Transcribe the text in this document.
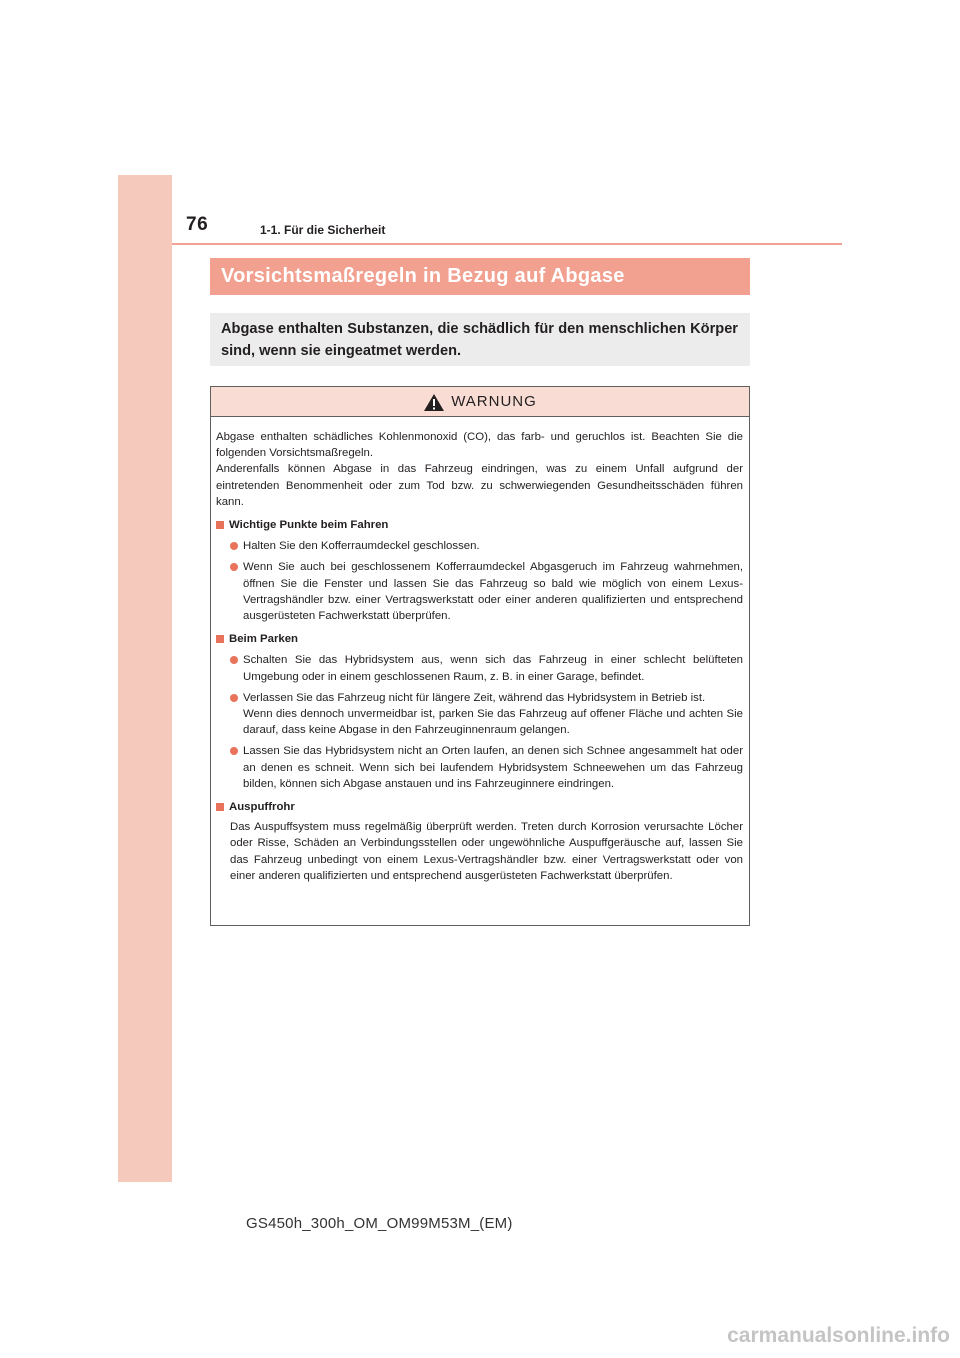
76	1-1. Für die Sicherheit
Vorsichtsmaßregeln in Bezug auf Abgase
Abgase enthalten Substanzen, die schädlich für den menschlichen Körper sind, wenn sie eingeatmet werden.
WARNUNG

Abgase enthalten schädliches Kohlenmonoxid (CO), das farb- und geruchlos ist. Beachten Sie die folgenden Vorsichtsmaßregeln.

Anderenfalls können Abgase in das Fahrzeug eindringen, was zu einem Unfall aufgrund der eintretenden Benommenheit oder zum Tod bzw. zu schwerwiegenden Gesundheitsschäden führen kann.

Wichtige Punkte beim Fahren
Halten Sie den Kofferraumdeckel geschlossen.
Wenn Sie auch bei geschlossenem Kofferraumdeckel Abgasgeruch im Fahrzeug wahrnehmen, öffnen Sie die Fenster und lassen Sie das Fahrzeug so bald wie möglich von einem Lexus-Vertragshändler bzw. einer Vertragswerkstatt oder einer anderen qualifizierten und entsprechend ausgerüsteten Fachwerkstatt überprüfen.
Beim Parken
Schalten Sie das Hybridsystem aus, wenn sich das Fahrzeug in einer schlecht belüfteten Umgebung oder in einem geschlossenen Raum, z. B. in einer Garage, befindet.
Verlassen Sie das Fahrzeug nicht für längere Zeit, während das Hybridsystem in Betrieb ist.
Wenn dies dennoch unvermeidbar ist, parken Sie das Fahrzeug auf offener Fläche und achten Sie darauf, dass keine Abgase in den Fahrzeuginnenraum gelangen.
Lassen Sie das Hybridsystem nicht an Orten laufen, an denen sich Schnee angesammelt hat oder an denen es schneit. Wenn sich bei laufendem Hybridsystem Schneewehen um das Fahrzeug bilden, können sich Abgase anstauen und ins Fahrzeuginnere eindringen.
Auspuffrohr
Das Auspuffsystem muss regelmäßig überprüft werden. Treten durch Korrosion verursachte Löcher oder Risse, Schäden an Verbindungsstellen oder ungewöhnliche Auspuffgeräusche auf, lassen Sie das Fahrzeug unbedingt von einem Lexus-Vertragshändler bzw. einer Vertragswerkstatt oder von einer anderen qualifizierten und entsprechend ausgerüsteten Fachwerkstatt überprüfen.
GS450h_300h_OM_OM99M53M_(EM)
carmanualsonline.info
